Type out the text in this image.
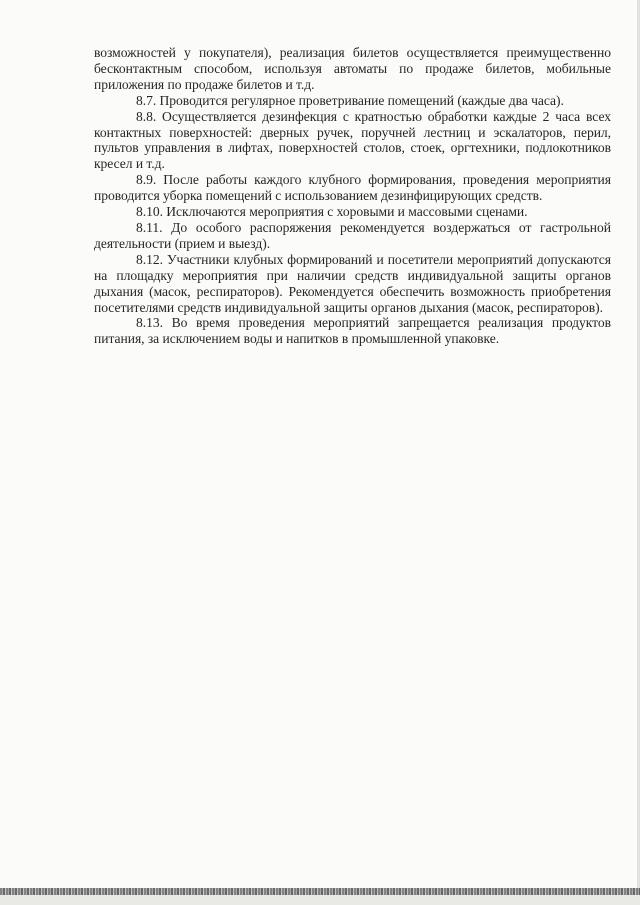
возможностей у покупателя), реализация билетов осуществляется преимущественно бесконтактным способом, используя автоматы по продаже билетов, мобильные приложения по продаже билетов и т.д.

8.7. Проводится регулярное проветривание помещений (каждые два часа).

8.8. Осуществляется дезинфекция с кратностью обработки каждые 2 часа всех контактных поверхностей: дверных ручек, поручней лестниц и эскалаторов, перил, пультов управления в лифтах, поверхностей столов, стоек, оргтехники, подлокотников кресел и т.д.

8.9. После работы каждого клубного формирования, проведения мероприятия проводится уборка помещений с использованием дезинфицирующих средств.

8.10. Исключаются мероприятия с хоровыми и массовыми сценами.

8.11. До особого распоряжения рекомендуется воздержаться от гастрольной деятельности (прием и выезд).

8.12. Участники клубных формирований и посетители мероприятий допускаются на площадку мероприятия при наличии средств индивидуальной защиты органов дыхания (масок, респираторов). Рекомендуется обеспечить возможность приобретения посетителями средств индивидуальной защиты органов дыхания (масок, респираторов).

8.13. Во время проведения мероприятий запрещается реализация продуктов питания, за исключением воды и напитков в промышленной упаковке.
